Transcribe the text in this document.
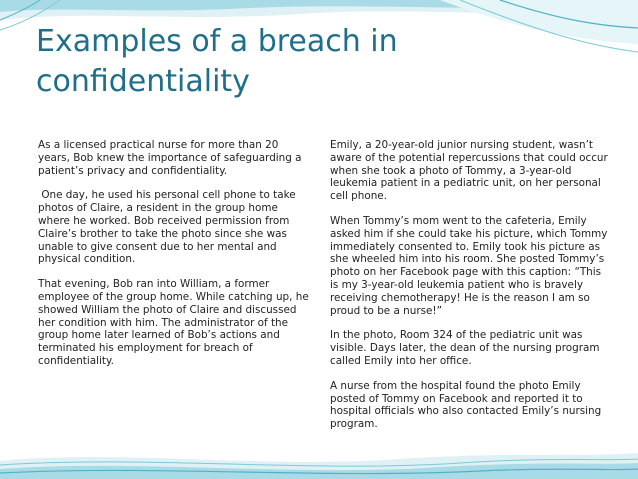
Examples of a breach in confidentiality

As a licensed practical nurse for more than 20 years, Bob knew the importance of safeguarding a patient’s privacy and confidentiality.

One day, he used his personal cell phone to take photos of Claire, a resident in the group home where he worked. Bob received permission from Claire’s brother to take the photo since she was unable to give consent due to her mental and physical condition.

That evening, Bob ran into William, a former employee of the group home. While catching up, he showed William the photo of Claire and discussed her condition with him. The administrator of the group home later learned of Bob’s actions and terminated his employment for breach of confidentiality.

Emily, a 20-year-old junior nursing student, wasn’t aware of the potential repercussions that could occur when she took a photo of Tommy, a 3-year-old leukemia patient in a pediatric unit, on her personal cell phone.

When Tommy’s mom went to the cafeteria, Emily asked him if she could take his picture, which Tommy immediately consented to. Emily took his picture as she wheeled him into his room. She posted Tommy’s photo on her Facebook page with this caption: “This is my 3-year-old leukemia patient who is bravely receiving chemotherapy! He is the reason I am so proud to be a nurse!”

In the photo, Room 324 of the pediatric unit was visible. Days later, the dean of the nursing program called Emily into her office.

A nurse from the hospital found the photo Emily posted of Tommy on Facebook and reported it to hospital officials who also contacted Emily’s nursing program.
